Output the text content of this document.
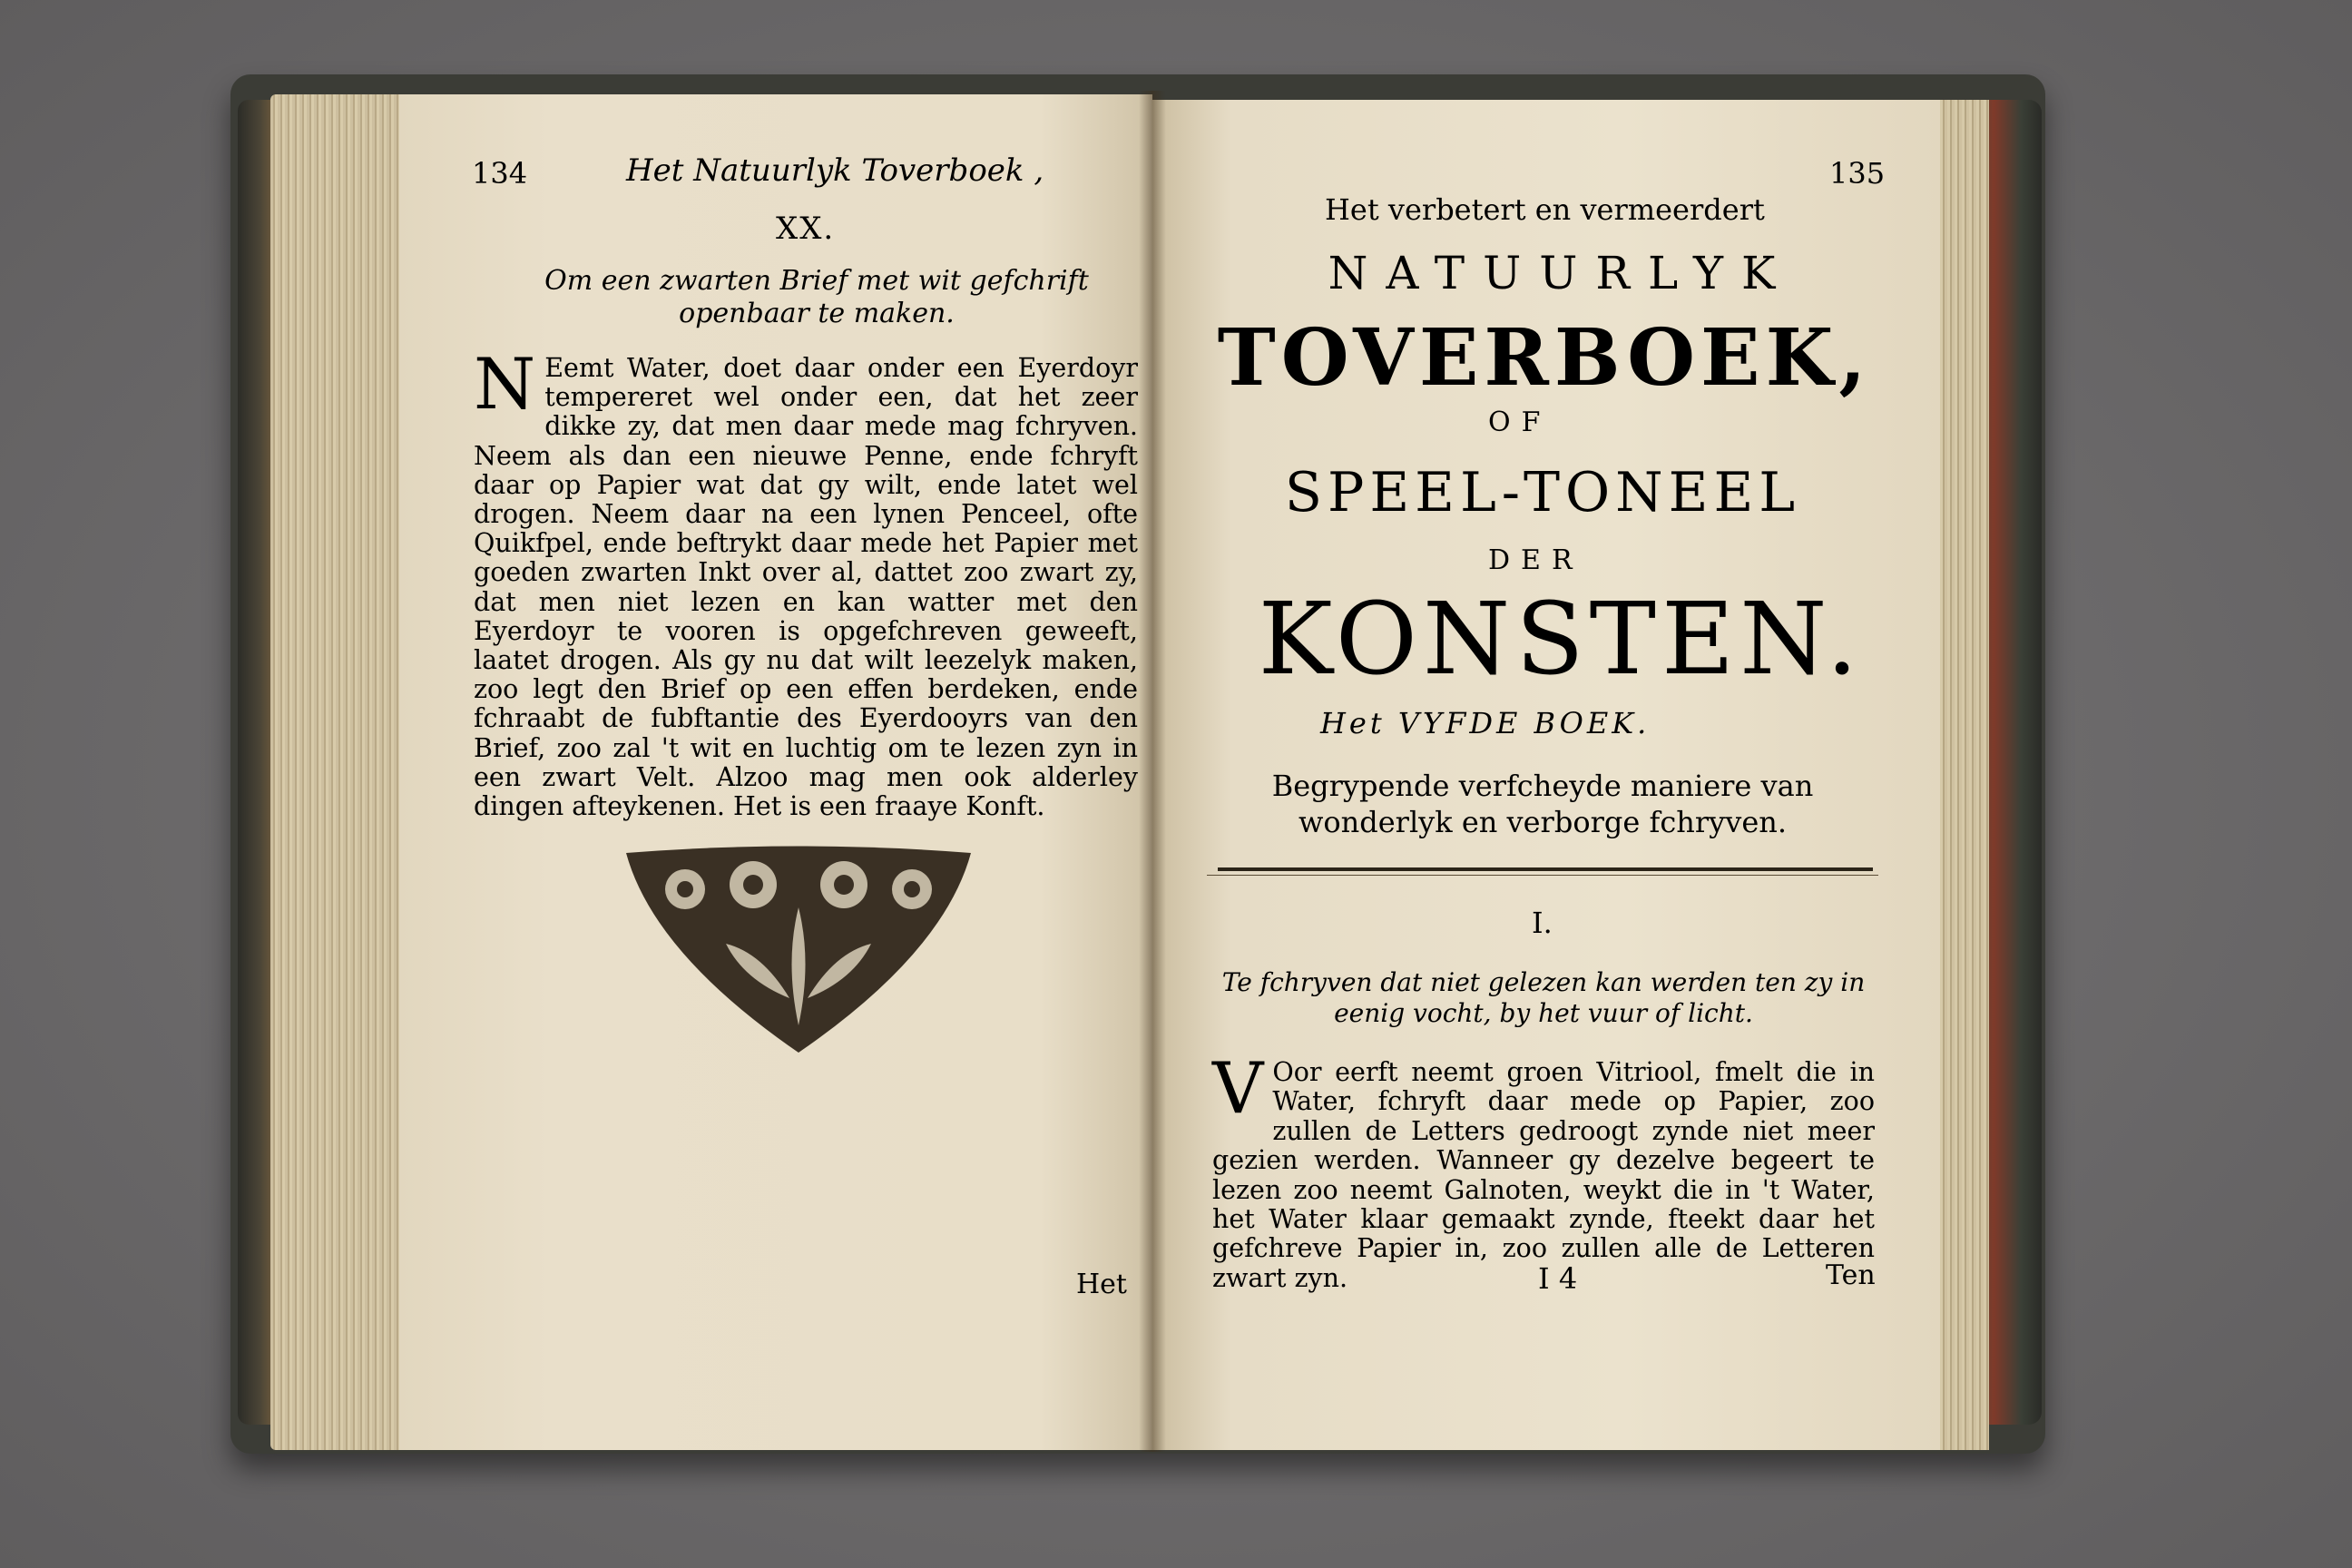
134	Het Natuurlyk Toverboek ,
XX.
Om een zwarten Brief met wit gefchrift openbaar te maken.
N Eemt Water, doet daar onder een Eyerdoyr tempereret wel onder een, dat het zeer dikke zy, dat men daar mede mag fchryven. Neem als dan een nieuwe Penne, ende fchryft daar op Papier wat dat gy wilt, ende latet wel drogen. Neem daar na een lynen Penceel, ofte Quikfpel, ende beftrykt daar mede het Papier met goeden zwarten Inkt over al, dattet zoo zwart zy, dat men niet lezen en kan watter met den Eyerdoyr te vooren is opgefchreven geweeft, laatet drogen. Als gy nu dat wilt leezelyk maken, zoo legt den Brief op een effen berdeken, ende fchraabt de fubftantie des Eyerdooyrs van den Brief, zoo zal 't wit en luchtig om te lezen zyn in een zwart Velt. Alzoo mag men ook alderley dingen afteykenen. Het is een fraaye Konft.
Het
135
Het verbetert en vermeerdert
NATUURLYK
TOVERBOEK,
OF
SPEEL-TONEEL
DER
KONSTEN.
Het VYFDE BOEK.
Begrypende verfcheyde maniere van wonderlyk en verborge fchryven.
I.
Te fchryven dat niet gelezen kan werden ten zy in eenig vocht, by het vuur of licht.
V Oor eerft neemt groen Vitriool, fmelt die in Water, fchryft daar mede op Papier, zoo zullen de Letters gedroogt zynde niet meer gezien werden. Wanneer gy dezelve begeert te lezen zoo neemt Galnoten, weykt die in 't Water, het Water klaar gemaakt zynde, fteekt daar het gefchreve Papier in, zoo zullen alle de Letteren zwart zyn.	I 4	Ten
